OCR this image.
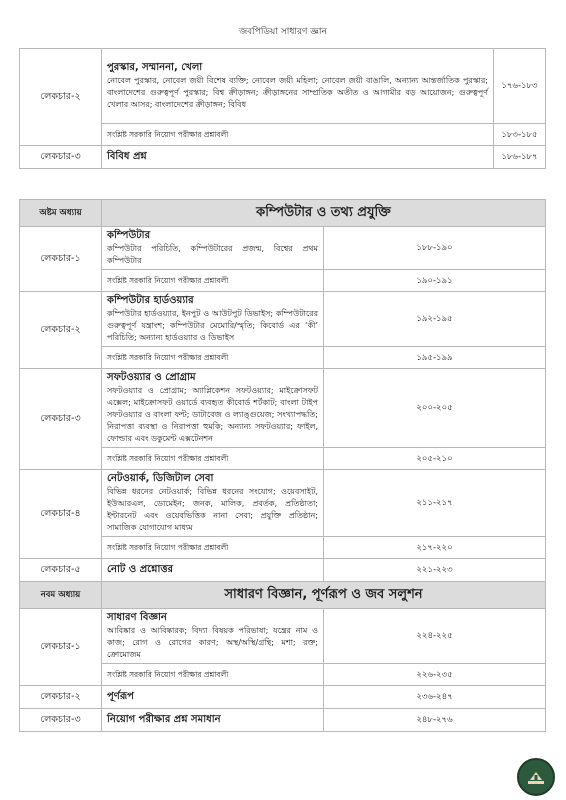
জবপিডিয়া সাধারণ জ্ঞান
লেকচার-২	পুরস্কার, সম্মাননা, খেলা
নোবেল পুরস্কার, নোবেল জয়ী বিশেষ ব্যক্তি; নোবেল জয়ী মহিলা; নোবেল জয়ী বাঙালি, অন্যান্য আন্তর্জাতিক পুরস্কার; বাংলাদেশের গুরুত্বপূর্ণ পুরস্কার; বিশ্ব ক্রীড়াঙ্গন; ক্রীড়াঙ্গনের সাম্প্রতিক অতীত ও আগামীর বড় আয়োজন; গুরুত্বপূর্ণ খেলার আসর; বাংলাদেশের ক্রীড়াঙ্গন; বিবিধ	১৭৬-১৮৩
	সংশ্লিষ্ট সরকারি নিয়োগ পরীক্ষার প্রশ্নাবলী	১৮৩-১৮৫
লেকচার-৩	বিবিধ প্রশ্ন	১৮৬-১৮৭
অষ্টম অধ্যায়	কম্পিউটার ও তথ্য প্রযুক্তি	
লেকচার-১	কম্পিউটার
কম্পিউটার পরিচিতি, কম্পিউটারের প্রজন্ম, বিশ্বের প্রথম কম্পিউটার	১৮৮-১৯০
	সংশ্লিষ্ট সরকারি নিয়োগ পরীক্ষার প্রশ্নাবলী	১৯০-১৯১
লেকচার-২	কম্পিউটার হার্ডওয়্যার
কম্পিউটার হার্ডওয়্যার, ইনপুট ও আউটপুট ডিভাইস; কম্পিউটারের গুরুত্বপূর্ণ যন্ত্রাংশ; কম্পিউটার মেমোরি/স্মৃতি; কিবোর্ড এর ‘কী’ পরিচিতি; অন্যান্য হার্ডওয়্যার ও ডিভাইস	১৯২-১৯৫
	সংশ্লিষ্ট সরকারি নিয়োগ পরীক্ষার প্রশ্নাবলী	১৯৫-১৯৯
লেকচার-৩	সফটওয়্যার ও প্রোগ্রাম
সফটওয়্যার ও প্রোগ্রাম; অ্যাপ্লিকেশন সফটওয়্যার; মাইক্রোসফট এক্সেল; মাইক্রোসফট ওয়ার্ডে ব্যবহৃত কীবোর্ড শর্টকাট; বাংলা টাইপ সফটওয়্যার ও বাংলা ফন্ট; ডাটাবেজ ও ল্যাঙ্গুয়েজ; সংখ্যাপদ্ধতি; নিরাপত্তা ব্যবস্থা ও নিরাপত্তা হুমকি; অন্যান্য সফটওয়্যার; ফাইল, ফোল্ডার এবং ডকুমেন্ট এক্সটেনশন	২০০-২০৫
	সংশ্লিষ্ট সরকারি নিয়োগ পরীক্ষার প্রশ্নাবলী	২০৫-২১০
লেকচার-৪	নেটওয়ার্ক, ডিজিটাল সেবা
বিভিন্ন ধরনের নেটওয়ার্ক; বিভিন্ন ধরনের সংযোগ; ওয়েবসাইট, ইউআরএল, ডোমেইন; জনক, মালিক, প্রবর্তক, প্রতিষ্ঠাতা; ইন্টারনেট এবং ওয়েবভিত্তিক নানা সেবা; প্রযুক্তি প্রতিষ্ঠান; সামাজিক যোগাযোগ মাধ্যম	২১১-২১৭
	সংশ্লিষ্ট সরকারি নিয়োগ পরীক্ষার প্রশ্নাবলী	২১৭-২২০
লেকচার-৫	নোট ও প্রশ্নোত্তর	২২১-২২৩
নবম অধ্যায়	সাধারণ বিজ্ঞান, পূর্ণরূপ ও জব সলুশন	
লেকচার-১	সাধারণ বিজ্ঞান
আবিষ্কার ও আবিষ্কারক; বিদ্যা বিষয়ক পরিভাষা; যন্ত্রের নাম ও কাজ; রোগ ও রোগের কারণ; অস্থ/অস্থি/গ্রন্থি; মশা; রক্ত; ক্রোমোজম	২২৪-২২৫
	সংশ্লিষ্ট সরকারি নিয়োগ পরীক্ষার প্রশ্নাবলী	২২৬-২৩৫
লেকচার-২	পূর্ণরূপ	২৩৬-২৪৭
লেকচার-৩	নিয়োগ পরীক্ষার প্রশ্ন সমাধান	২৪৮-২৭৬
